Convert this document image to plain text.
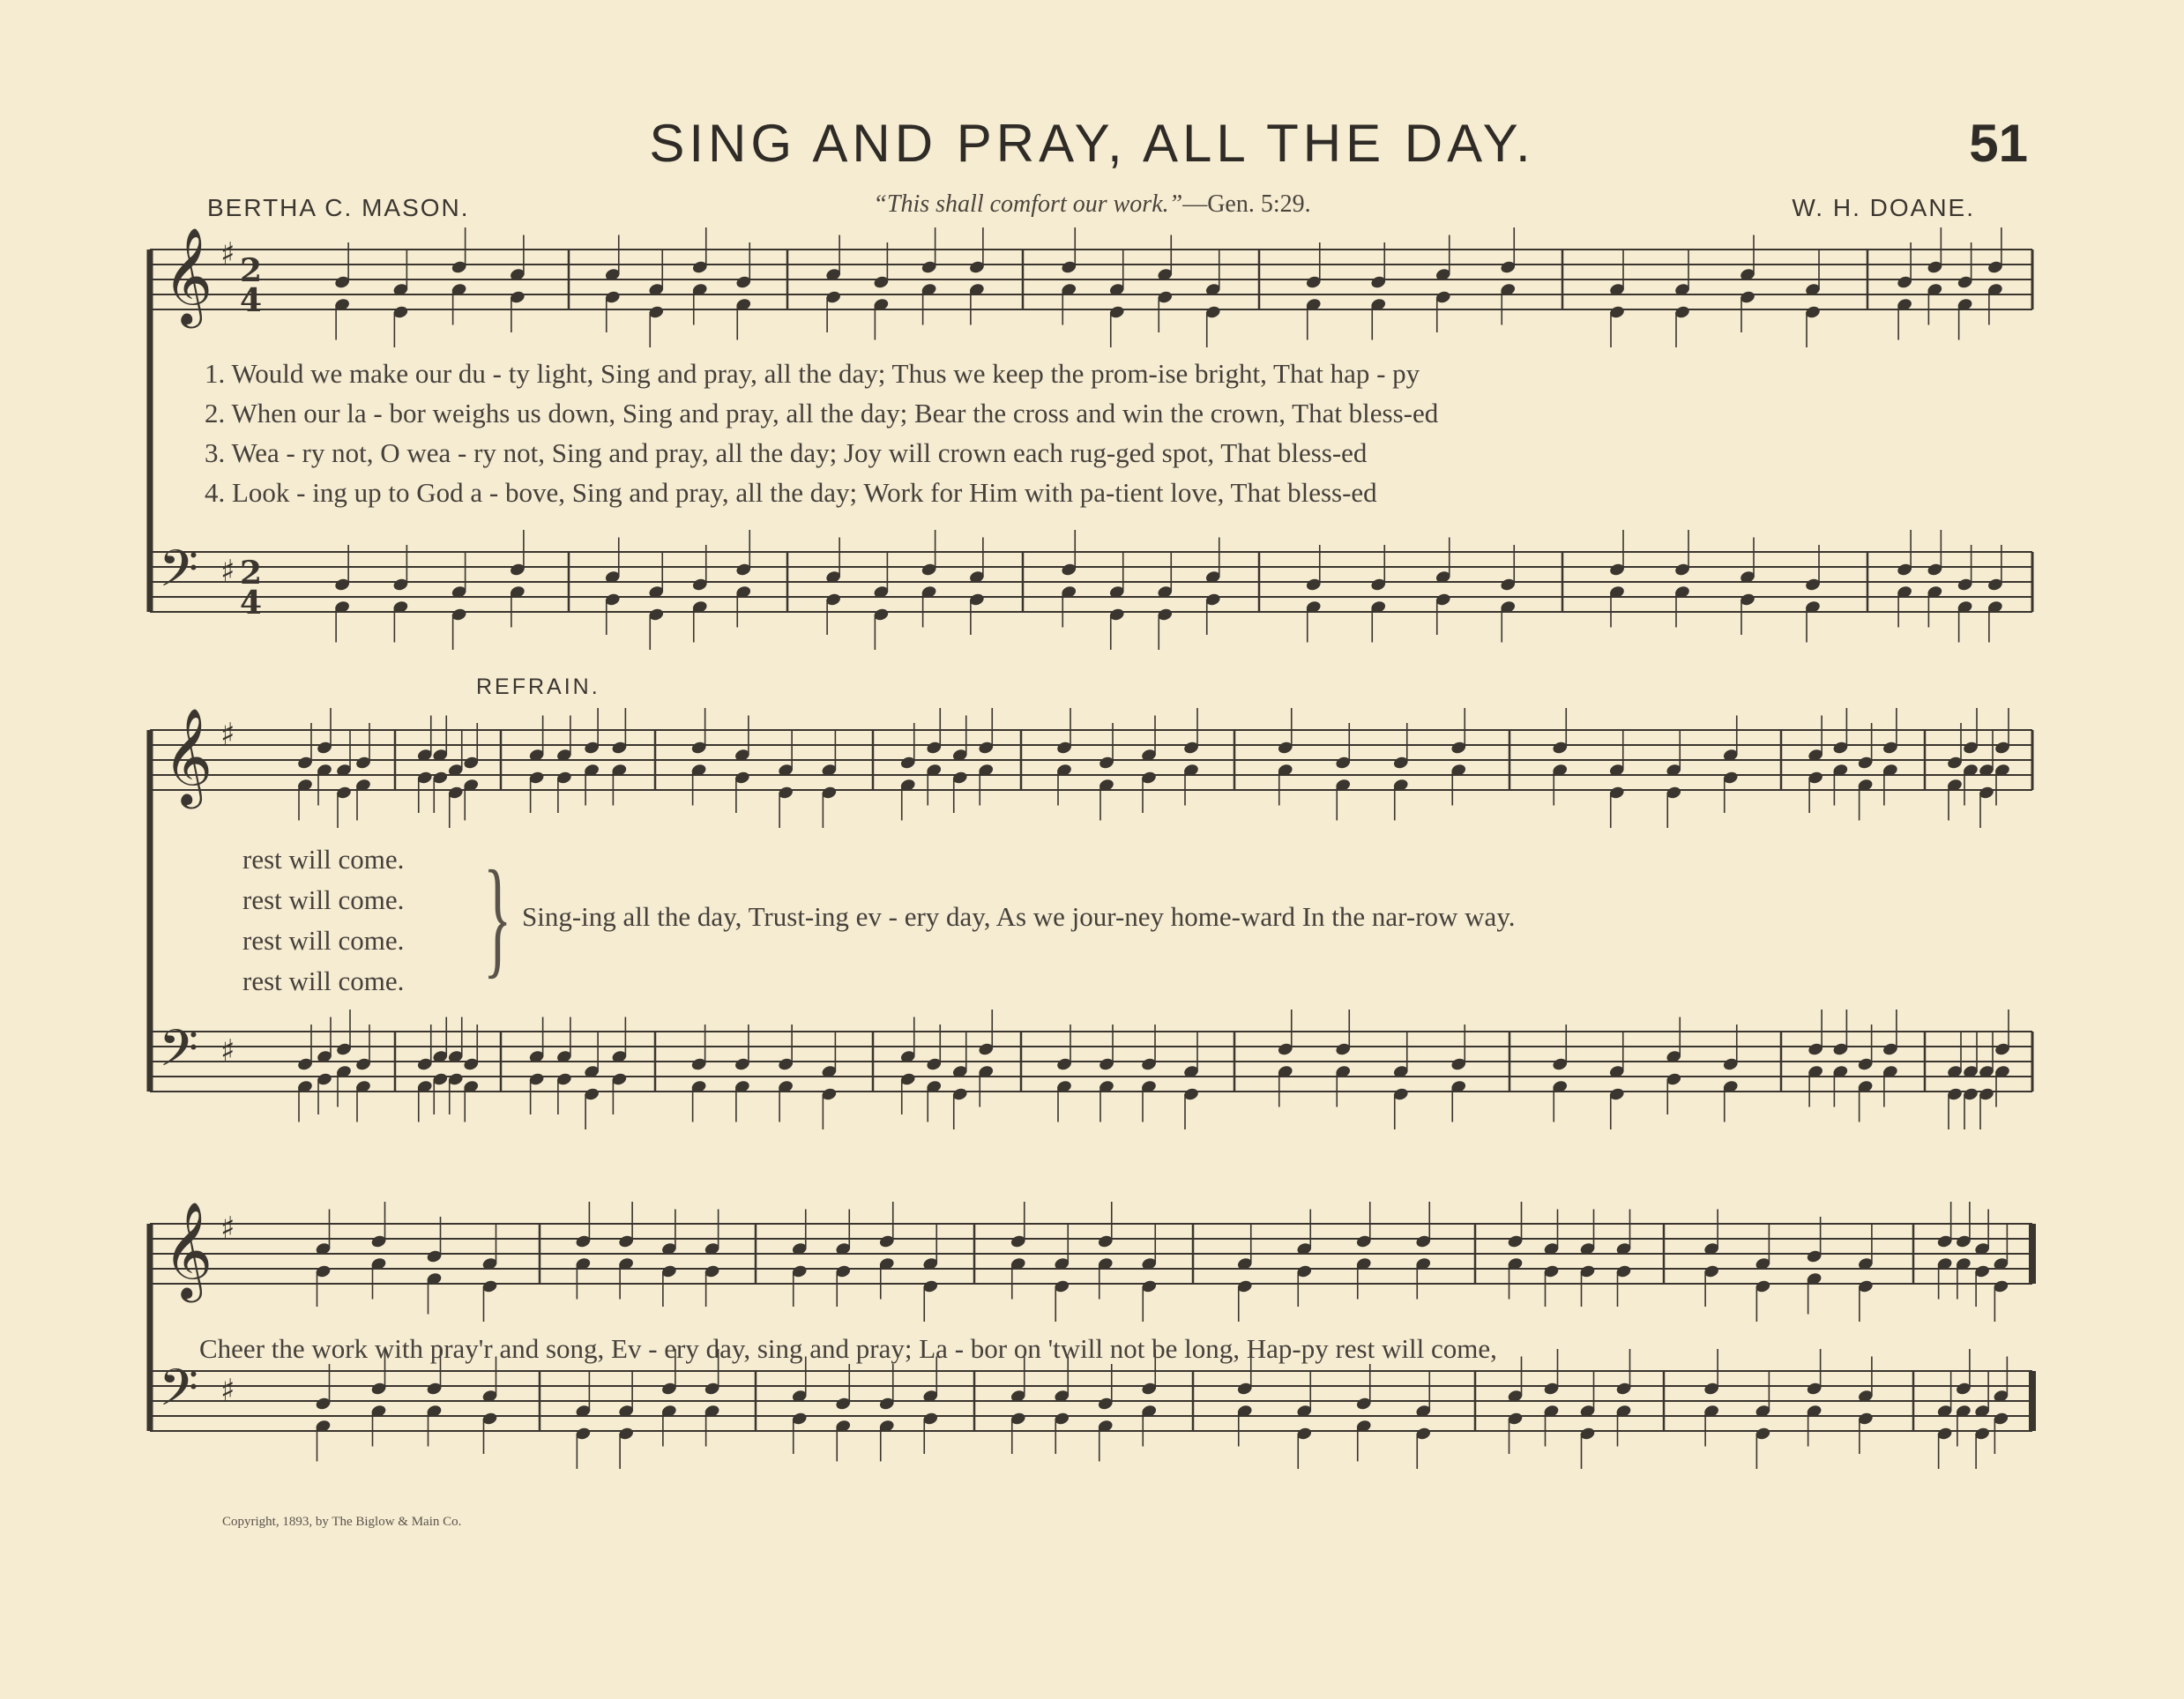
SING AND PRAY, ALL THE DAY.	51
BERTHA C. MASON.	“This shall comfort our work.”—Gen. 5:29.	W. H. DOANE.
𝄞
𝄢
♯
♯
2
4
2
4
𝄞
𝄢
♯
♯
𝄞
𝄢
♯
♯
1. Would we make our du - ty light, Sing and pray, all the day; Thus we keep the prom-ise bright, That hap - py
2. When our la - bor weighs us down, Sing and pray, all the day; Bear the cross and win the crown, That bless-ed
3. Wea - ry not, O wea - ry not, Sing and pray, all the day; Joy will crown each rug-ged spot, That bless-ed
4. Look - ing up to God a - bove, Sing and pray, all the day; Work for Him with pa-tient love, That bless-ed
REFRAIN.
rest will come.
rest will come.
rest will come.
rest will come. } Sing-ing all the day, Trust-ing ev - ery day, As we jour-ney home-ward In the nar-row way.
Cheer the work with pray'r and song, Ev - ery day, sing and pray; La - bor on 'twill not be long, Hap-py rest will come,
Copyright, 1893, by The Biglow & Main Co.
